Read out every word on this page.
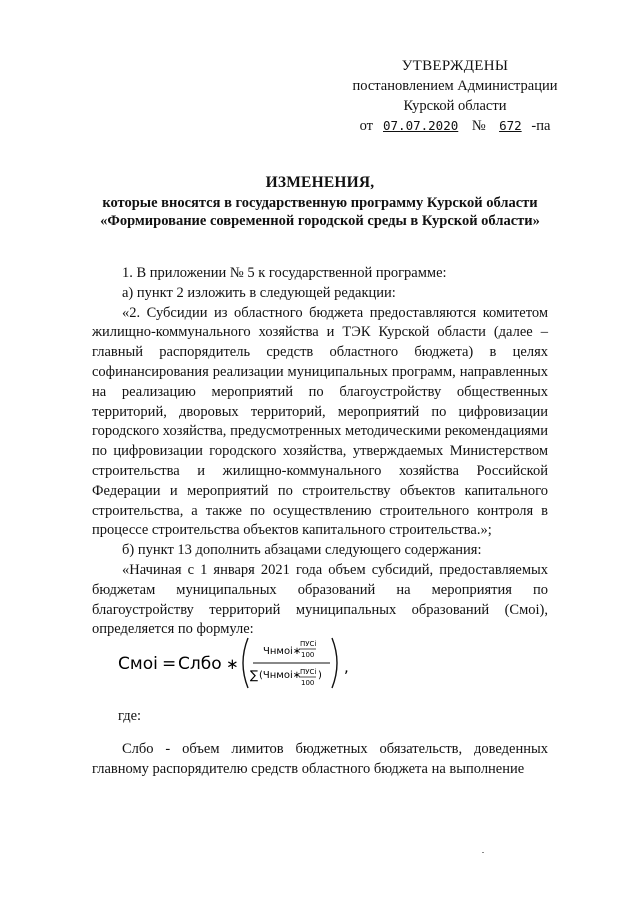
УТВЕРЖДЕНЫ
постановлением Администрации
Курской области
от 07.07.2020 № 672 -па
ИЗМЕНЕНИЯ,
которые вносятся в государственную программу Курской области
«Формирование современной городской среды в Курской области»

1. В приложении № 5 к государственной программе:

а) пункт 2 изложить в следующей редакции:

«2. Субсидии из областного бюджета предоставляются комитетом жилищно-коммунального хозяйства и ТЭК Курской области (далее – главный распорядитель средств областного бюджета) в целях софинансирования реализации муниципальных программ, направленных на реализацию мероприятий по благоустройству общественных территорий, дворовых территорий, мероприятий по цифровизации городского хозяйства, предусмотренных методическими рекомендациями по цифровизации городского хозяйства, утверждаемых Министерством строительства и жилищно-коммунального хозяйства Российской Федерации и мероприятий по строительству объектов капитального строительства, а также по осуществлению строительного контроля в процессе строительства объектов капитального строительства.»;

б) пункт 13 дополнить абзацами следующего содержания:

«Начиная с 1 января 2021 года объем субсидий, предоставляемых бюджетам муниципальных образований на мероприятия по благоустройству территорий муниципальных образований (Смоi), определяется по формуле:

Смоi = Слбо ∗
Чнмоi∗
ПУСi
100
∑ (Чнмоi∗
ПУСi
100
) ,
где:

Слбо - объем лимитов бюджетных обязательств, доведенных главному распорядителю средств областного бюджета на выполнение
